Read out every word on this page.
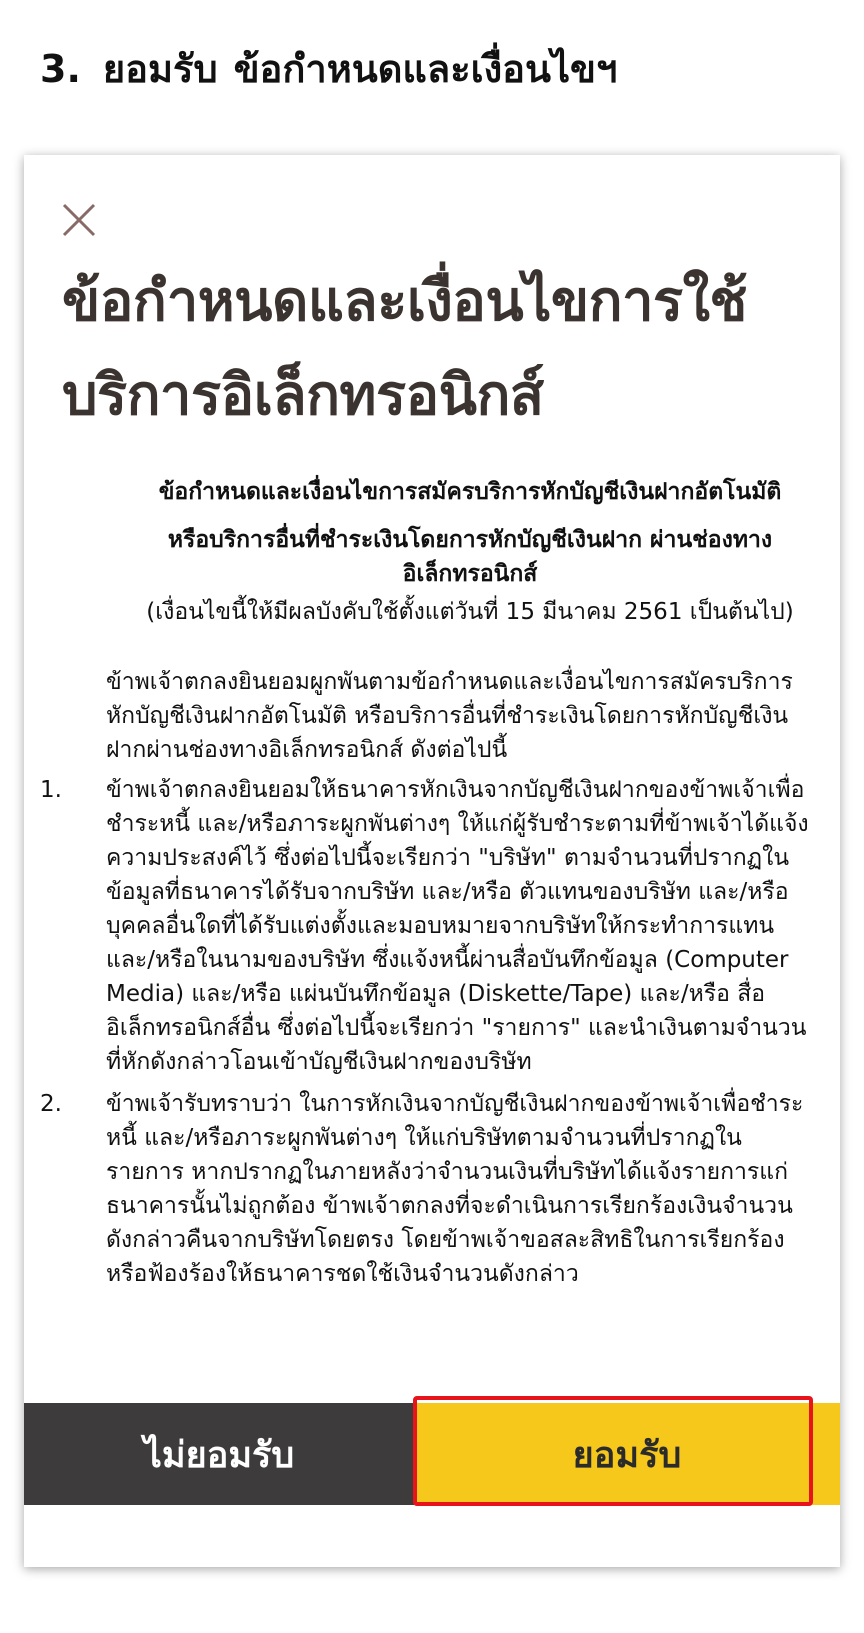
3. ยอมรับ ข้อกำหนดและเงื่อนไขฯ
ข้อกำหนดและเงื่อนไขการใช้บริการอิเล็กทรอนิกส์

ข้อกำหนดและเงื่อนไขการสมัครบริการหักบัญชีเงินฝากอัตโนมัติ

หรือบริการอื่นที่ชำระเงินโดยการหักบัญชีเงินฝาก ผ่านช่องทางอิเล็กทรอนิกส์

(เงื่อนไขนี้ให้มีผลบังคับใช้ตั้งแต่วันที่ 15 มีนาคม 2561 เป็นต้นไป)
ข้าพเจ้าตกลงยินยอมผูกพันตามข้อกำหนดและเงื่อนไขการสมัครบริการหักบัญชีเงินฝากอัตโนมัติ หรือบริการอื่นที่ชำระเงินโดยการหักบัญชีเงินฝากผ่านช่องทางอิเล็กทรอนิกส์ ดังต่อไปนี้
1. ข้าพเจ้าตกลงยินยอมให้ธนาคารหักเงินจากบัญชีเงินฝากของข้าพเจ้าเพื่อชำระหนี้ และ/หรือภาระผูกพันต่างๆ ให้แก่ผู้รับชำระตามที่ข้าพเจ้าได้แจ้งความประสงค์ไว้ ซึ่งต่อไปนี้จะเรียกว่า "บริษัท" ตามจำนวนที่ปรากฏในข้อมูลที่ธนาคารได้รับจากบริษัท และ/หรือ ตัวแทนของบริษัท และ/หรือ บุคคลอื่นใดที่ได้รับแต่งตั้งและมอบหมายจากบริษัทให้กระทำการแทน และ/หรือในนามของบริษัท ซึ่งแจ้งหนี้ผ่านสื่อบันทึกข้อมูล (Computer Media) และ/หรือ แผ่นบันทึกข้อมูล (Diskette/Tape) และ/หรือ สื่ออิเล็กทรอนิกส์อื่น ซึ่งต่อไปนี้จะเรียกว่า "รายการ" และนำเงินตามจำนวนที่หักดังกล่าวโอนเข้าบัญชีเงินฝากของบริษัท
2. ข้าพเจ้ารับทราบว่า ในการหักเงินจากบัญชีเงินฝากของข้าพเจ้าเพื่อชำระหนี้ และ/หรือภาระผูกพันต่างๆ ให้แก่บริษัทตามจำนวนที่ปรากฏในรายการ หากปรากฏในภายหลังว่าจำนวนเงินที่บริษัทได้แจ้งรายการแก่ธนาคารนั้นไม่ถูกต้อง ข้าพเจ้าตกลงที่จะดำเนินการเรียกร้องเงินจำนวนดังกล่าวคืนจากบริษัทโดยตรง โดยข้าพเจ้าขอสละสิทธิในการเรียกร้อง หรือฟ้องร้องให้ธนาคารชดใช้เงินจำนวนดังกล่าว
ไม่ยอมรับ	ยอมรับ
